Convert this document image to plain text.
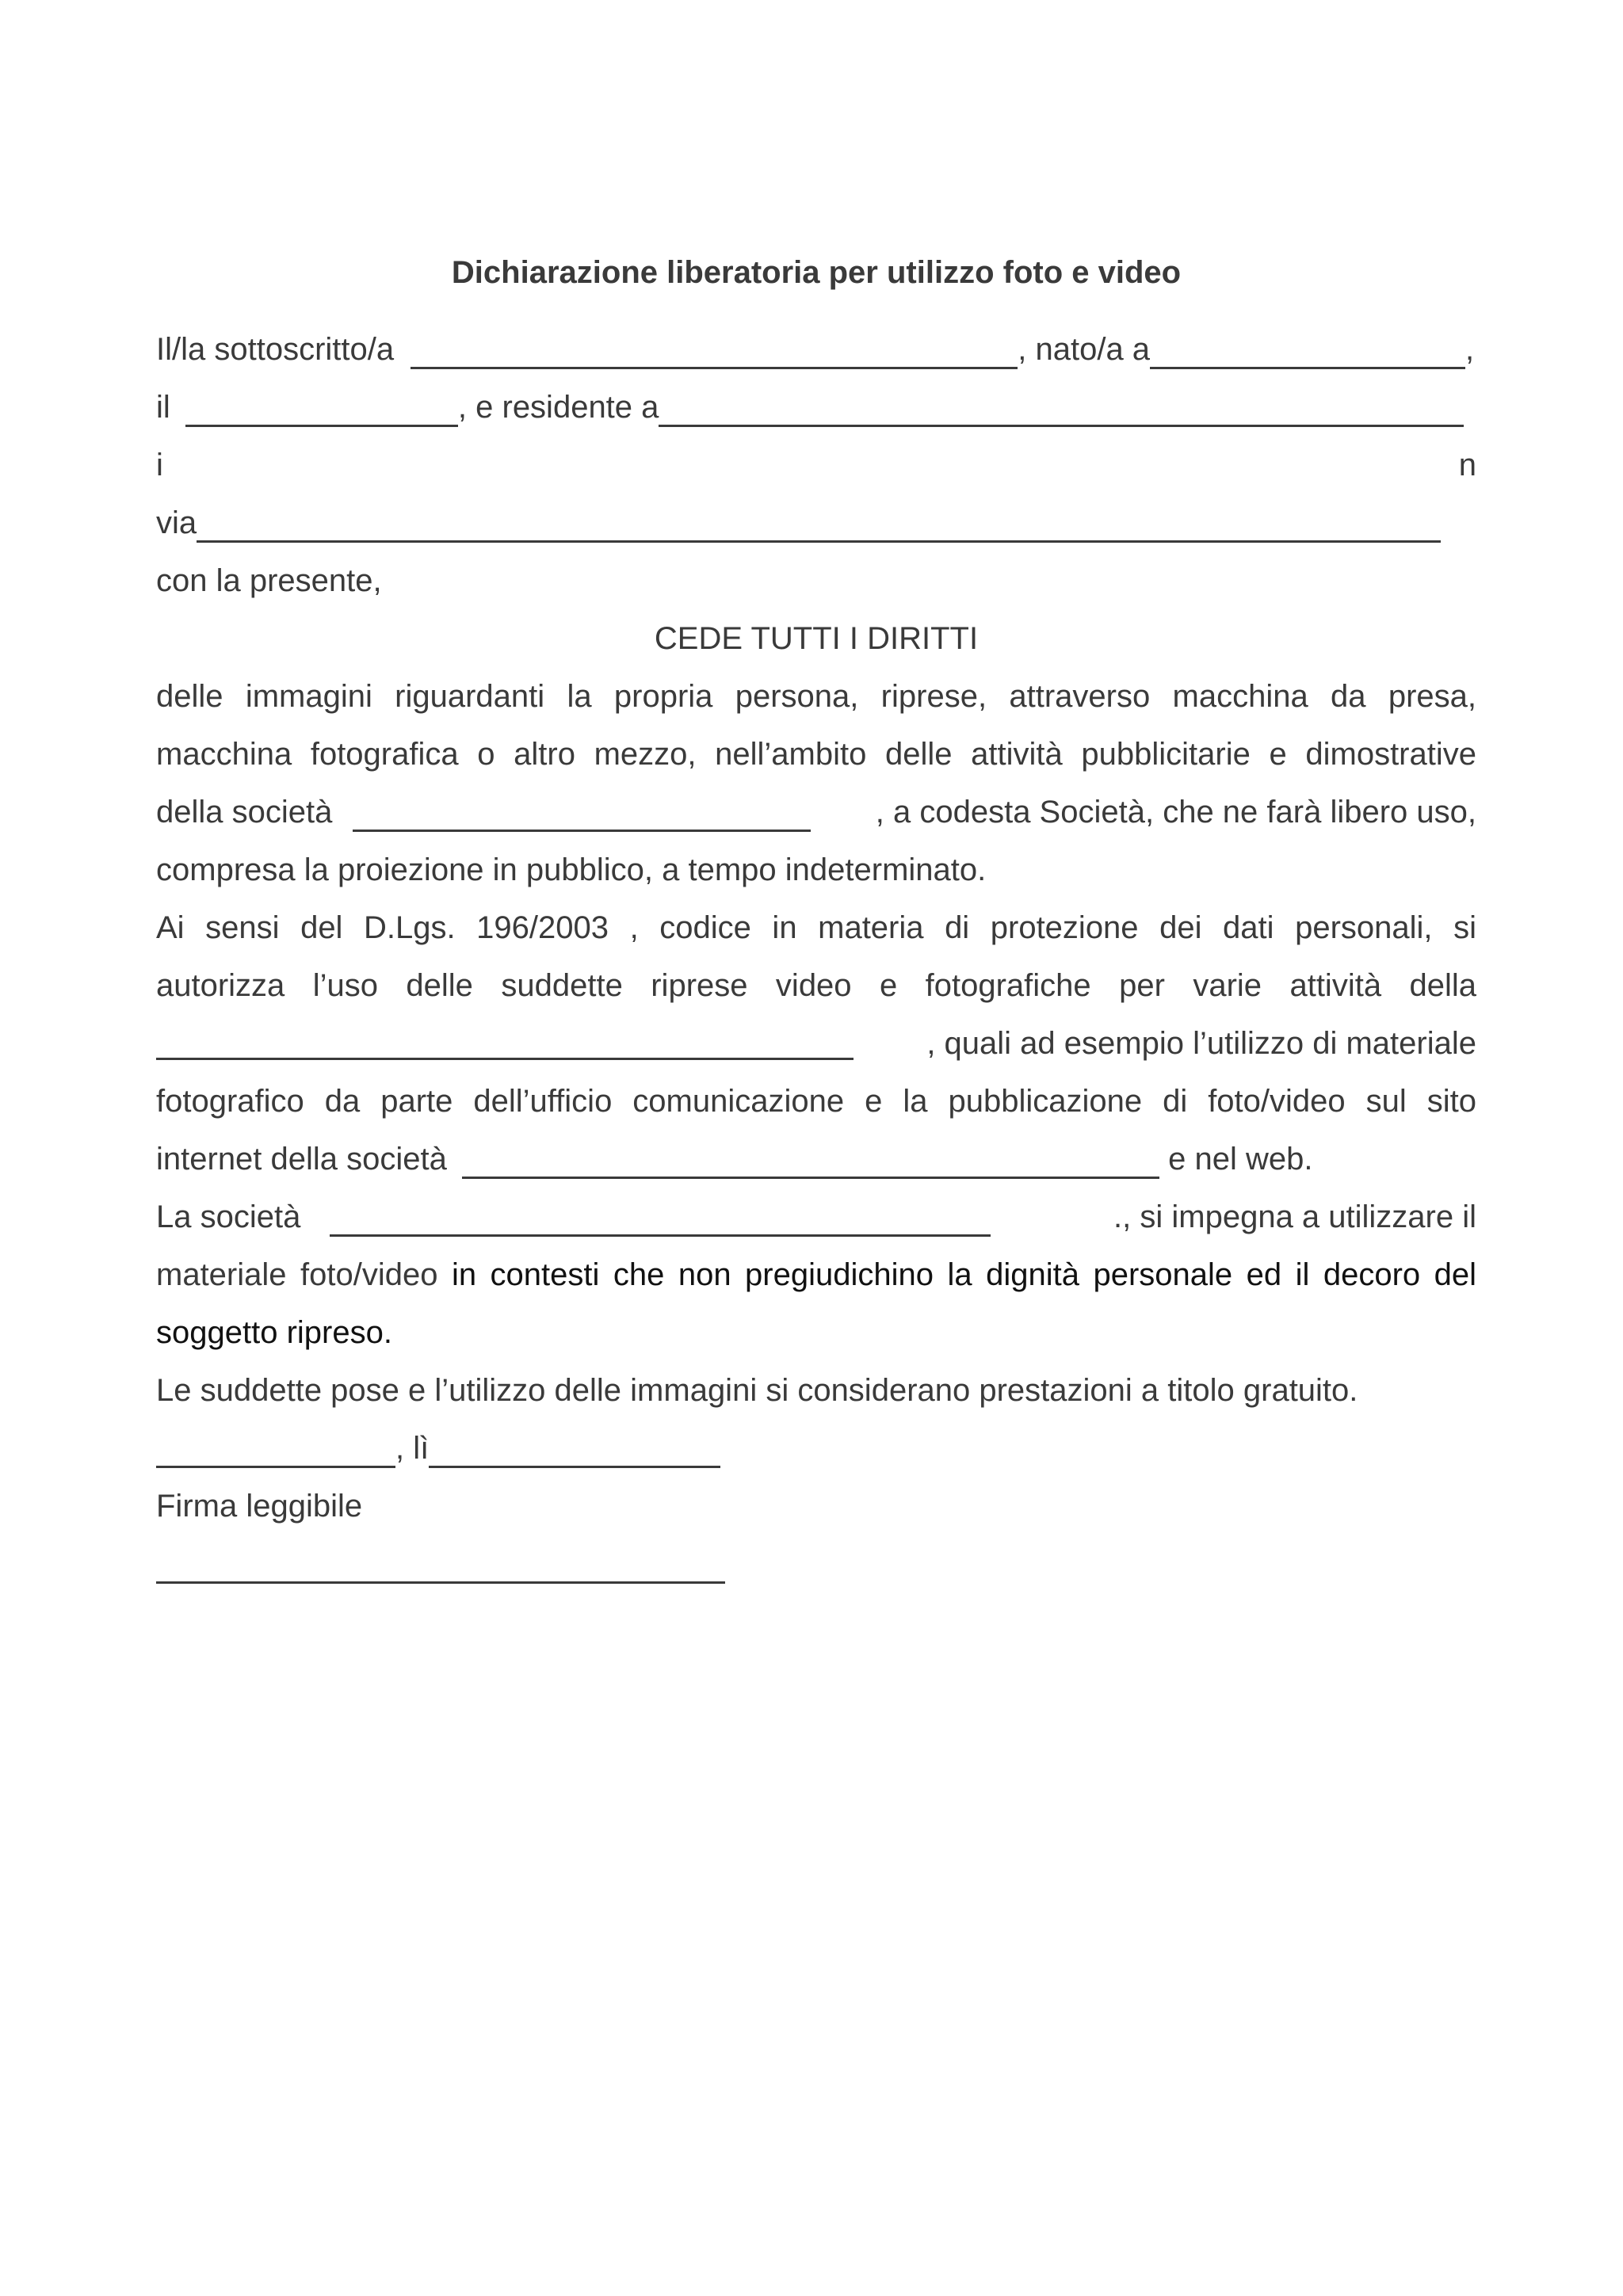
Dichiarazione liberatoria per utilizzo foto e video
Il/la sottoscritto/a	, nato/a a	,
il	, e residente a
i	n
via
con la presente,
CEDE TUTTI I DIRITTI
delle immagini riguardanti la propria persona, riprese, attraverso macchina da presa,
macchina fotografica o altro mezzo, nell’ambito delle attività pubblicitarie e dimostrative
della società	, a codesta Società, che ne farà libero uso,
compresa la proiezione in pubblico, a tempo indeterminato.
Ai sensi del D.Lgs. 196/2003 , codice in materia di protezione dei dati personali, si
autorizza l’uso delle suddette riprese video e fotografiche per varie attività della
, quali ad esempio l’utilizzo di materiale
fotografico da parte dell’ufficio comunicazione e la pubblicazione di foto/video sul sito
internet della società	e nel web.
La società	., si impegna a utilizzare il
materiale foto/video in contesti che non pregiudichino la dignità personale ed il decoro del
soggetto ripreso.
Le suddette pose e l’utilizzo delle immagini si considerano prestazioni a titolo gratuito.
, lì
Firma leggibile
